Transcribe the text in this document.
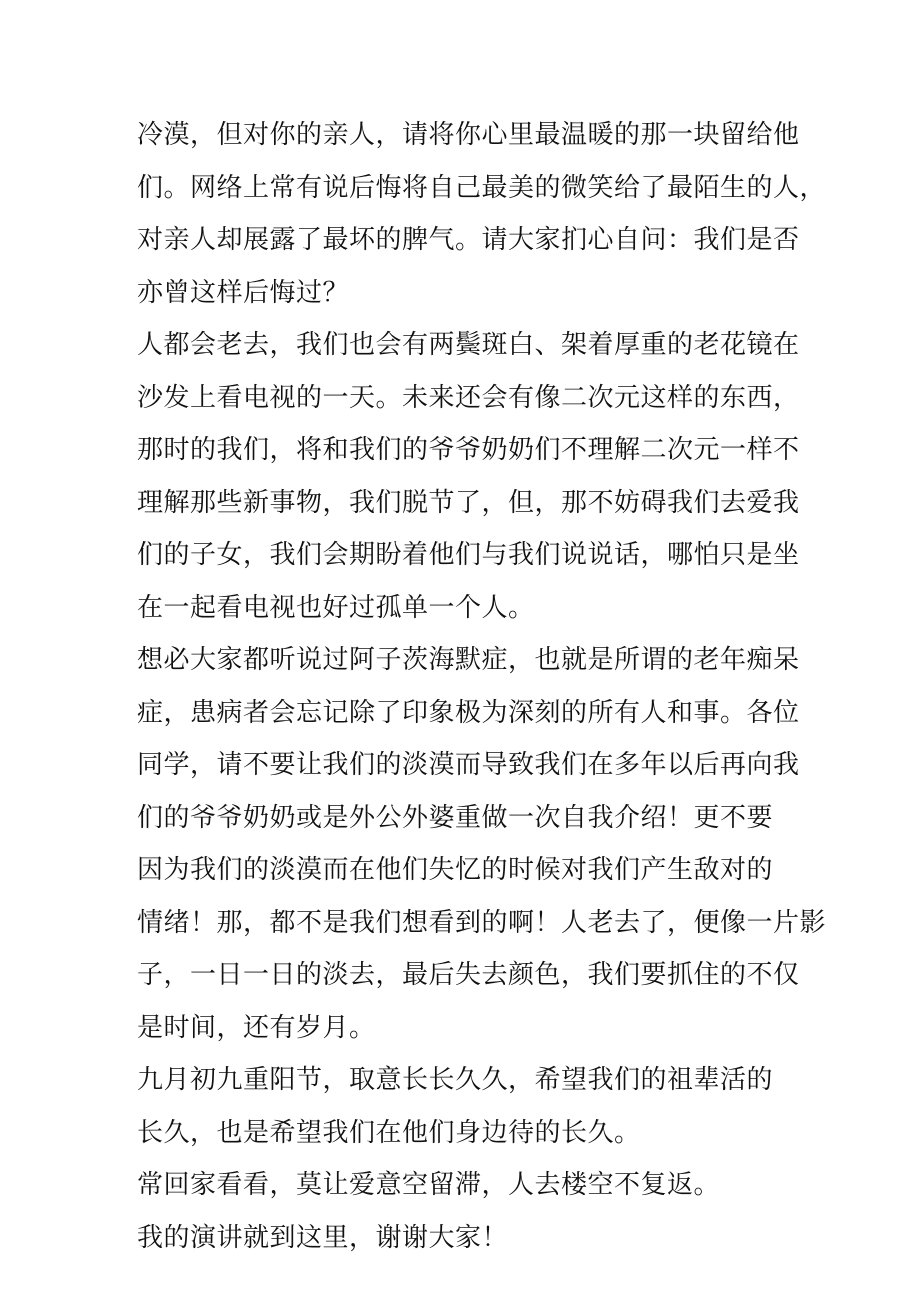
冷漠，但对你的亲人，请将你心里最温暖的那一块留给他
们。网络上常有说后悔将自己最美的微笑给了最陌生的人，
对亲人却展露了最坏的脾气。请大家扪心自问：我们是否
亦曾这样后悔过？
人都会老去，我们也会有两鬓斑白、架着厚重的老花镜在
沙发上看电视的一天。未来还会有像二次元这样的东西，
那时的我们，将和我们的爷爷奶奶们不理解二次元一样不
理解那些新事物，我们脱节了，但，那不妨碍我们去爱我
们的子女，我们会期盼着他们与我们说说话，哪怕只是坐
在一起看电视也好过孤单一个人。
想必大家都听说过阿子茨海默症，也就是所谓的老年痴呆
症，患病者会忘记除了印象极为深刻的所有人和事。各位
同学，请不要让我们的淡漠而导致我们在多年以后再向我
们的爷爷奶奶或是外公外婆重做一次自我介绍！更不要
因为我们的淡漠而在他们失忆的时候对我们产生敌对的
情绪！那，都不是我们想看到的啊！人老去了，便像一片影
子，一日一日的淡去，最后失去颜色，我们要抓住的不仅
是时间，还有岁月。
九月初九重阳节，取意长长久久，希望我们的祖辈活的
长久，也是希望我们在他们身边待的长久。
常回家看看，莫让爱意空留滞，人去楼空不复返。
我的演讲就到这里，谢谢大家！
